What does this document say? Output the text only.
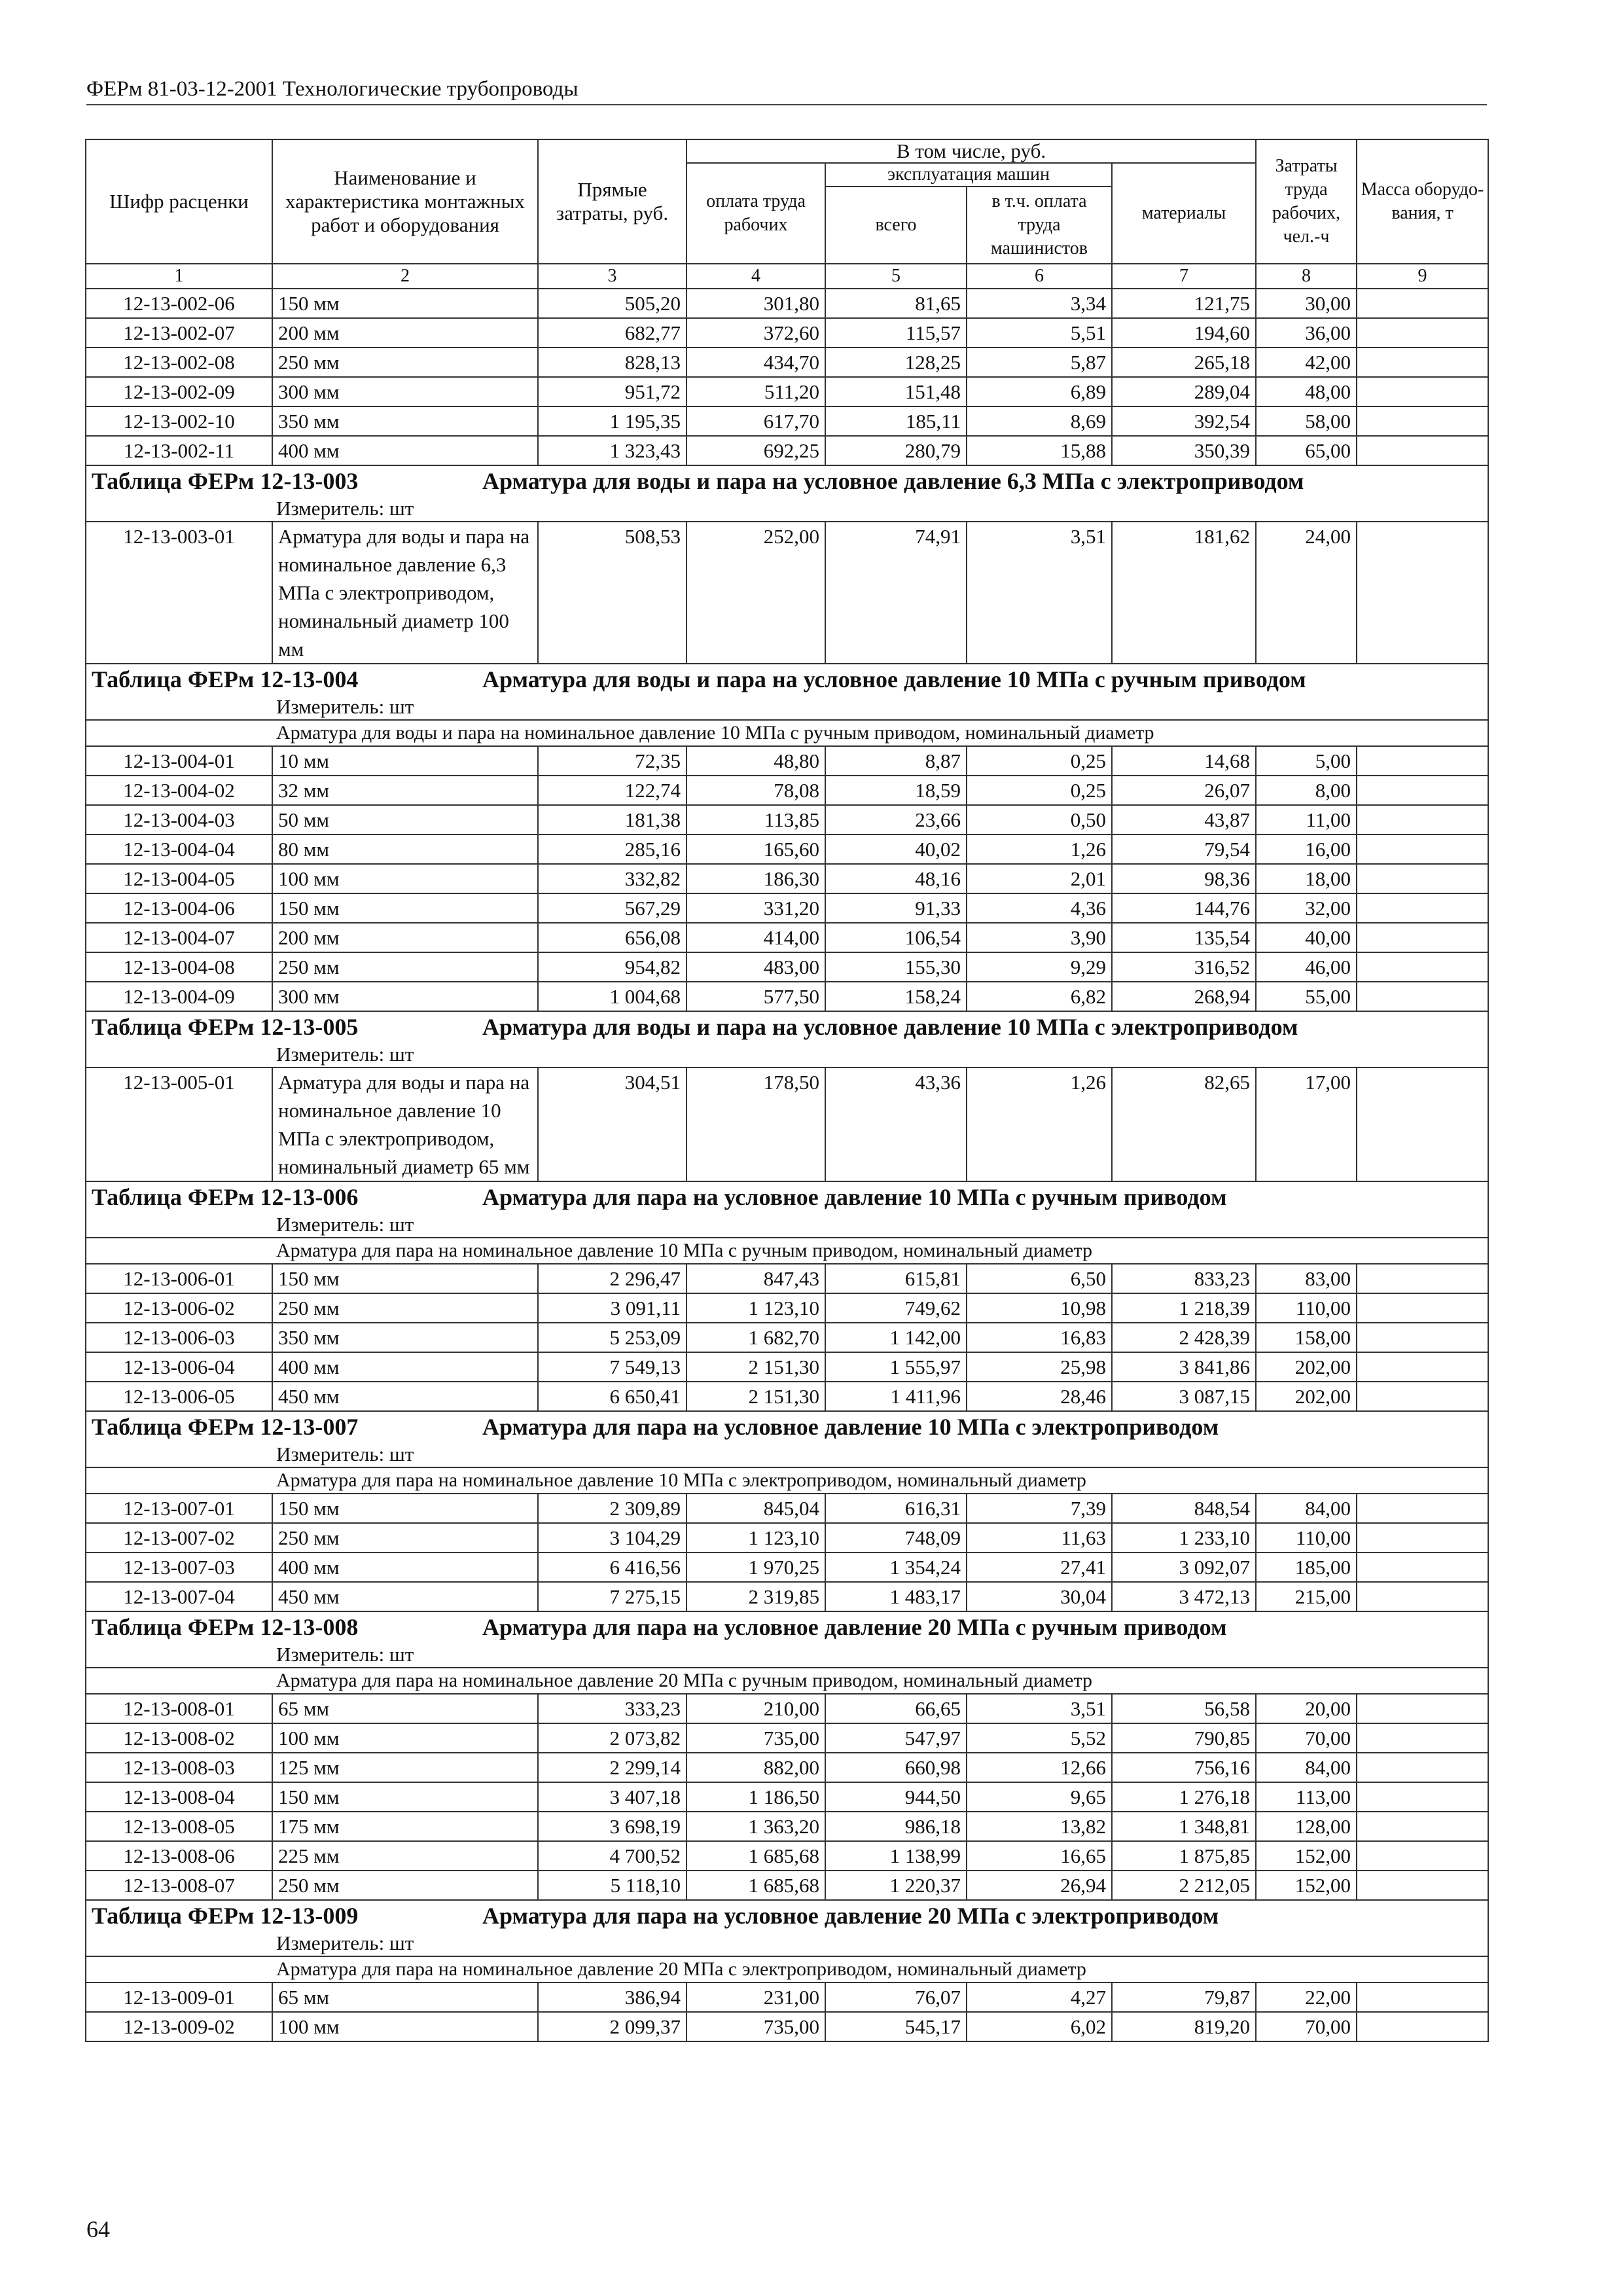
ФЕРм 81-03-12-2001 Технологические трубопроводы
Шифр расценки	Наименование и характеристика монтажных работ и оборудования	Прямые затраты, руб.	В том числе, руб.				Затраты труда рабочих, чел.-ч	Масса оборудо-вания, т
			оплата труда рабочих	эксплуатация машин		материалы		
				всего	в т.ч. оплата труда машинистов			
1	2	3	4	5	6	7	8	9
12-13-002-06	150 мм	505,20	301,80	81,65	3,34	121,75	30,00	
12-13-002-07	200 мм	682,77	372,60	115,57	5,51	194,60	36,00	
12-13-002-08	250 мм	828,13	434,70	128,25	5,87	265,18	42,00	
12-13-002-09	300 мм	951,72	511,20	151,48	6,89	289,04	48,00	
12-13-002-10	350 мм	1 195,35	617,70	185,11	8,69	392,54	58,00	
12-13-002-11	400 мм	1 323,43	692,25	280,79	15,88	350,39	65,00	
Таблица ФЕРм 12-13-003 Арматура для воды и пара на условное давление 6,3 МПа с электроприводом								
Измеритель: шт								
12-13-003-01	Арматура для воды и пара на номинальное давление 6,3 МПа с электроприводом, номинальный диаметр 100 мм	508,53	252,00	74,91	3,51	181,62	24,00	
Таблица ФЕРм 12-13-004 Арматура для воды и пара на условное давление 10 МПа с ручным приводом								
Измеритель: шт								
Арматура для воды и пара на номинальное давление 10 МПа с ручным приводом, номинальный диаметр								
12-13-004-01	10 мм	72,35	48,80	8,87	0,25	14,68	5,00	
12-13-004-02	32 мм	122,74	78,08	18,59	0,25	26,07	8,00	
12-13-004-03	50 мм	181,38	113,85	23,66	0,50	43,87	11,00	
12-13-004-04	80 мм	285,16	165,60	40,02	1,26	79,54	16,00	
12-13-004-05	100 мм	332,82	186,30	48,16	2,01	98,36	18,00	
12-13-004-06	150 мм	567,29	331,20	91,33	4,36	144,76	32,00	
12-13-004-07	200 мм	656,08	414,00	106,54	3,90	135,54	40,00	
12-13-004-08	250 мм	954,82	483,00	155,30	9,29	316,52	46,00	
12-13-004-09	300 мм	1 004,68	577,50	158,24	6,82	268,94	55,00	
Таблица ФЕРм 12-13-005 Арматура для воды и пара на условное давление 10 МПа с электроприводом								
Измеритель: шт								
12-13-005-01	Арматура для воды и пара на номинальное давление 10 МПа с электроприводом, номинальный диаметр 65 мм	304,51	178,50	43,36	1,26	82,65	17,00	
Таблица ФЕРм 12-13-006 Арматура для пара на условное давление 10 МПа с ручным приводом								
Измеритель: шт								
Арматура для пара на номинальное давление 10 МПа с ручным приводом, номинальный диаметр								
12-13-006-01	150 мм	2 296,47	847,43	615,81	6,50	833,23	83,00	
12-13-006-02	250 мм	3 091,11	1 123,10	749,62	10,98	1 218,39	110,00	
12-13-006-03	350 мм	5 253,09	1 682,70	1 142,00	16,83	2 428,39	158,00	
12-13-006-04	400 мм	7 549,13	2 151,30	1 555,97	25,98	3 841,86	202,00	
12-13-006-05	450 мм	6 650,41	2 151,30	1 411,96	28,46	3 087,15	202,00	
Таблица ФЕРм 12-13-007 Арматура для пара на условное давление 10 МПа с электроприводом								
Измеритель: шт								
Арматура для пара на номинальное давление 10 МПа с электроприводом, номинальный диаметр								
12-13-007-01	150 мм	2 309,89	845,04	616,31	7,39	848,54	84,00	
12-13-007-02	250 мм	3 104,29	1 123,10	748,09	11,63	1 233,10	110,00	
12-13-007-03	400 мм	6 416,56	1 970,25	1 354,24	27,41	3 092,07	185,00	
12-13-007-04	450 мм	7 275,15	2 319,85	1 483,17	30,04	3 472,13	215,00	
Таблица ФЕРм 12-13-008 Арматура для пара на условное давление 20 МПа с ручным приводом								
Измеритель: шт								
Арматура для пара на номинальное давление 20 МПа с ручным приводом, номинальный диаметр								
12-13-008-01	65 мм	333,23	210,00	66,65	3,51	56,58	20,00	
12-13-008-02	100 мм	2 073,82	735,00	547,97	5,52	790,85	70,00	
12-13-008-03	125 мм	2 299,14	882,00	660,98	12,66	756,16	84,00	
12-13-008-04	150 мм	3 407,18	1 186,50	944,50	9,65	1 276,18	113,00	
12-13-008-05	175 мм	3 698,19	1 363,20	986,18	13,82	1 348,81	128,00	
12-13-008-06	225 мм	4 700,52	1 685,68	1 138,99	16,65	1 875,85	152,00	
12-13-008-07	250 мм	5 118,10	1 685,68	1 220,37	26,94	2 212,05	152,00	
Таблица ФЕРм 12-13-009 Арматура для пара на условное давление 20 МПа с электроприводом								
Измеритель: шт								
Арматура для пара на номинальное давление 20 МПа с электроприводом, номинальный диаметр								
12-13-009-01	65 мм	386,94	231,00	76,07	4,27	79,87	22,00	
12-13-009-02	100 мм	2 099,37	735,00	545,17	6,02	819,20	70,00	
64
